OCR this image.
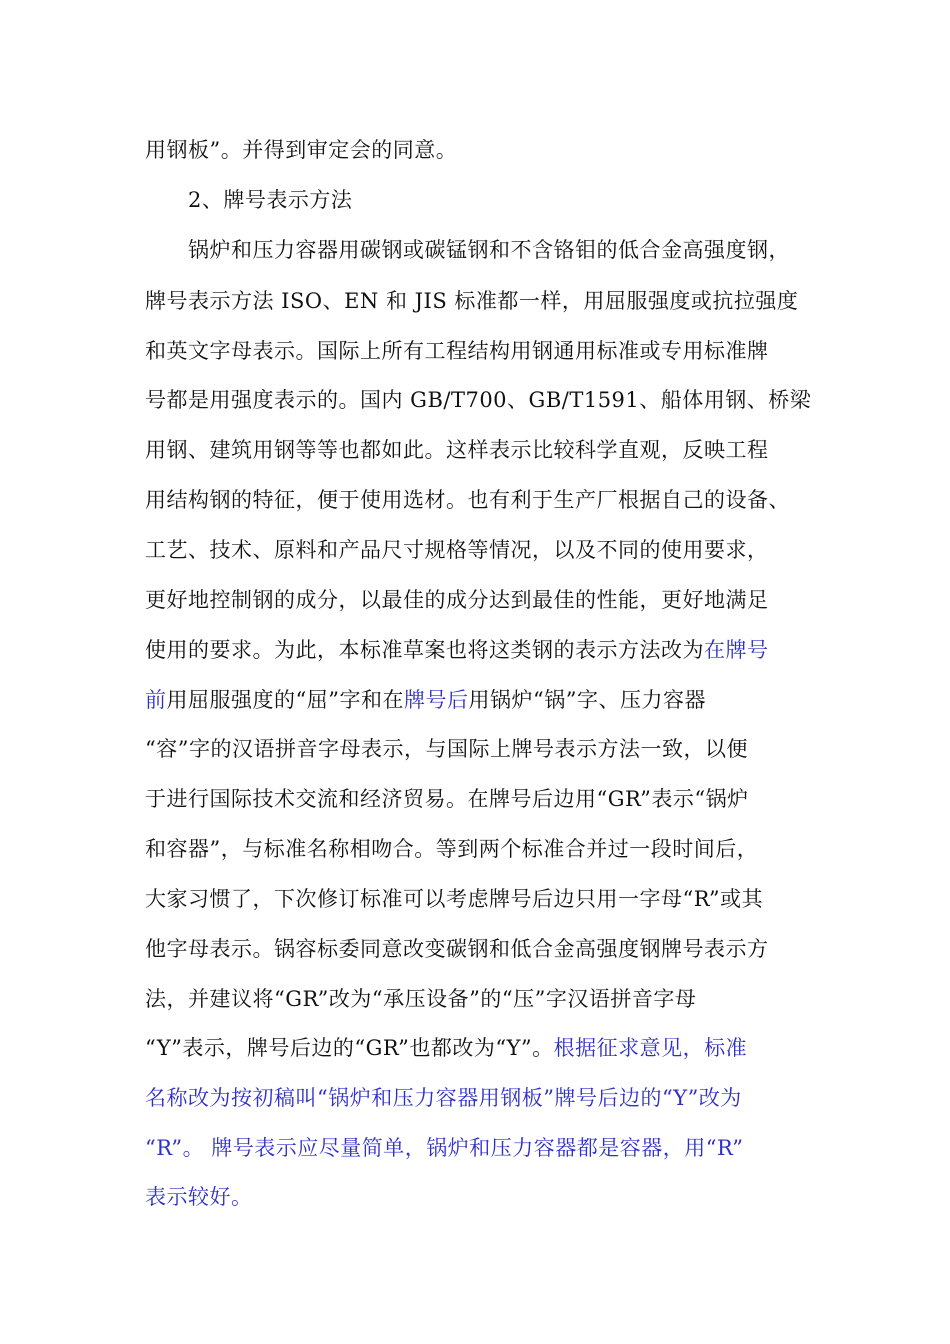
用钢板”。并得到审定会的同意。
2、牌号表示方法
锅炉和压力容器用碳钢或碳锰钢和不含铬钼的低合金高强度钢，
牌号表示方法 ISO、EN 和 JIS 标准都一样，用屈服强度或抗拉强度
和英文字母表示。国际上所有工程结构用钢通用标准或专用标准牌
号都是用强度表示的。国内 GB/T700、GB/T1591、船体用钢、桥梁
用钢、建筑用钢等等也都如此。这样表示比较科学直观，反映工程
用结构钢的特征，便于使用选材。也有利于生产厂根据自己的设备、
工艺、技术、原料和产品尺寸规格等情况，以及不同的使用要求，
更好地控制钢的成分，以最佳的成分达到最佳的性能，更好地满足
使用的要求。为此，本标准草案也将这类钢的表示方法改为在牌号
前用屈服强度的“屈”字和在牌号后用锅炉“锅”字、压力容器
“容”字的汉语拼音字母表示，与国际上牌号表示方法一致，以便
于进行国际技术交流和经济贸易。在牌号后边用“GR”表示“锅炉
和容器”，与标准名称相吻合。等到两个标准合并过一段时间后，
大家习惯了，下次修订标准可以考虑牌号后边只用一字母“R”或其
他字母表示。锅容标委同意改变碳钢和低合金高强度钢牌号表示方
法，并建议将“GR”改为“承压设备”的“压”字汉语拼音字母
“Y”表示，牌号后边的“GR”也都改为“Y”。根据征求意见，标准
名称改为按初稿叫“锅炉和压力容器用钢板”牌号后边的“Y”改为
“R”。 牌号表示应尽量简单，锅炉和压力容器都是容器，用“R”
表示较好。
